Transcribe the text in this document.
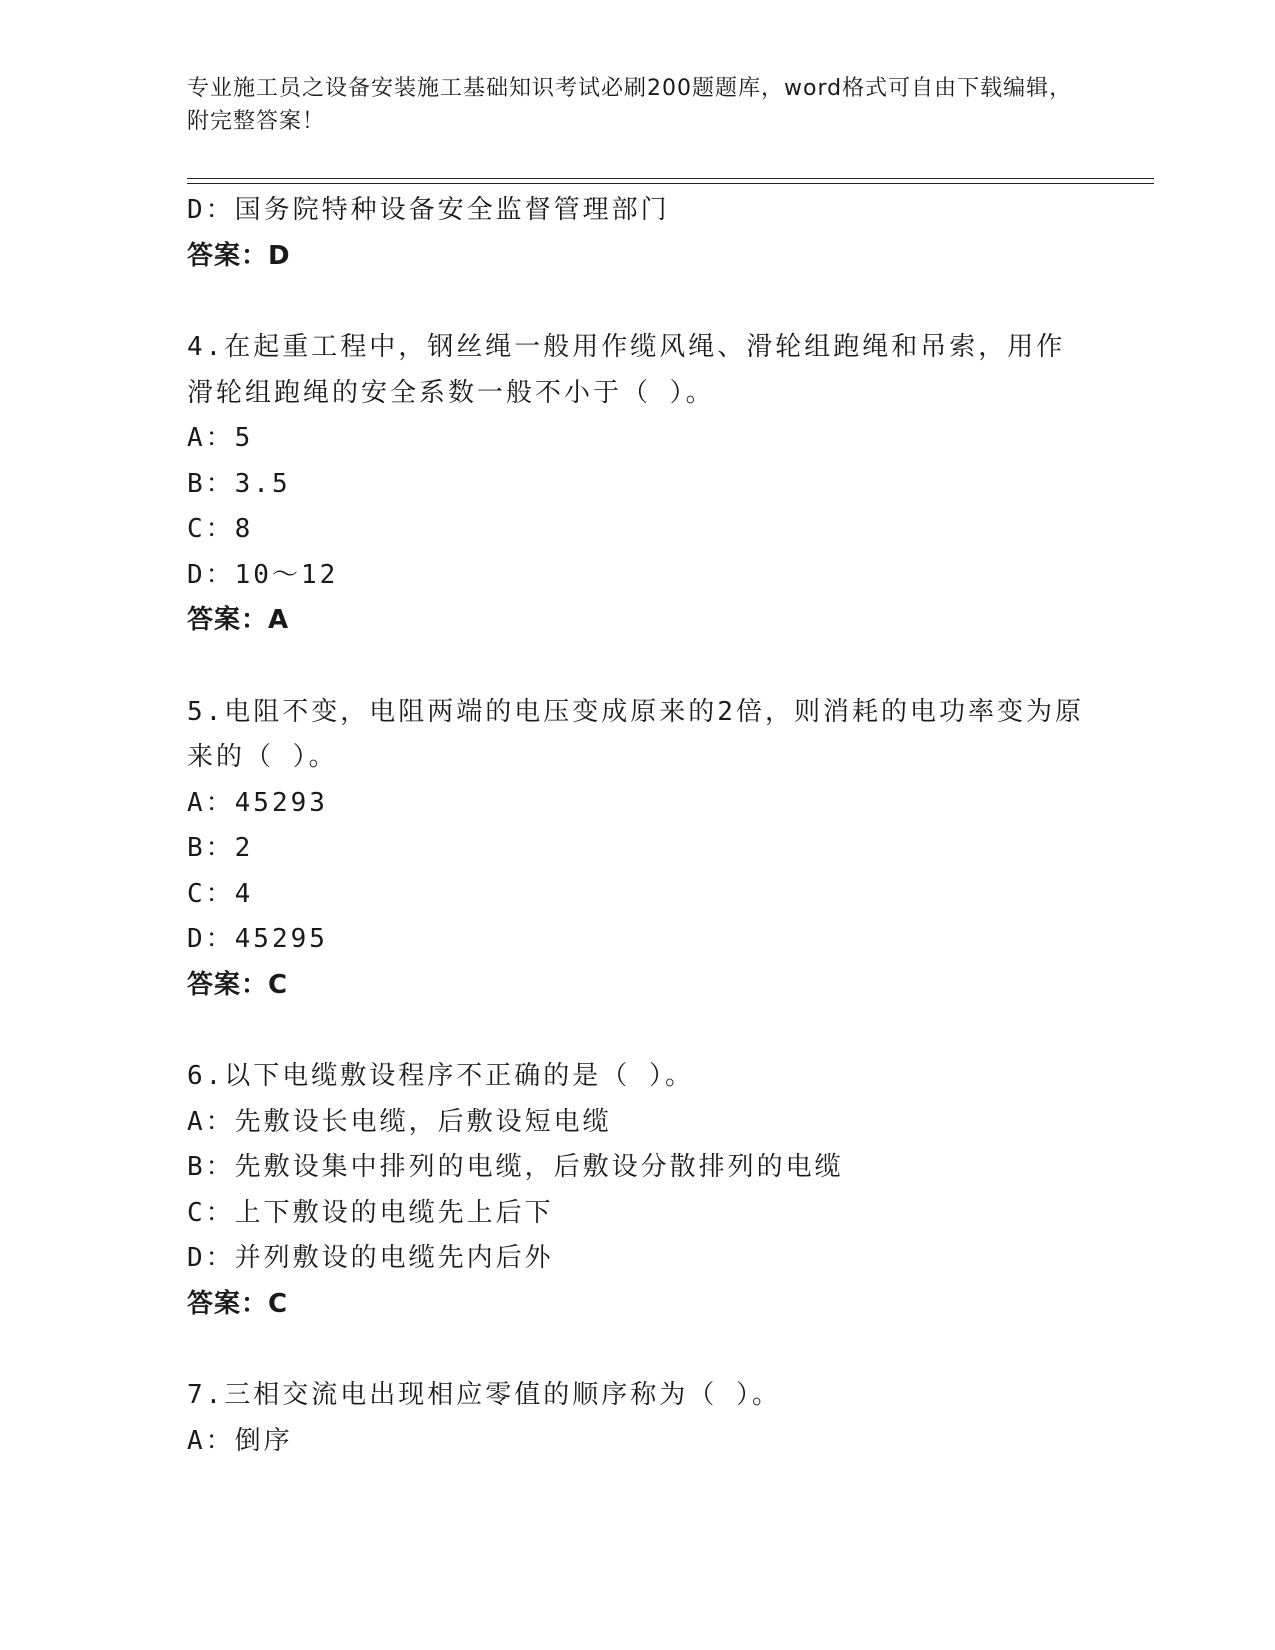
专业施工员之设备安装施工基础知识考试必刷200题题库，word格式可自由下载编辑，附完整答案！
D：国务院特种设备安全监督管理部门
答案：D
4.在起重工程中，钢丝绳一般用作缆风绳、滑轮组跑绳和吊索，用作滑轮组跑绳的安全系数一般不小于（ ）。
A：5
B：3.5
C：8
D：10～12
答案：A
5.电阻不变，电阻两端的电压变成原来的2倍，则消耗的电功率变为原来的（ ）。
A：45293
B：2
C：4
D：45295
答案：C
6.以下电缆敷设程序不正确的是（ ）。
A：先敷设长电缆，后敷设短电缆
B：先敷设集中排列的电缆，后敷设分散排列的电缆
C：上下敷设的电缆先上后下
D：并列敷设的电缆先内后外
答案：C
7.三相交流电出现相应零值的顺序称为（ ）。
A：倒序
